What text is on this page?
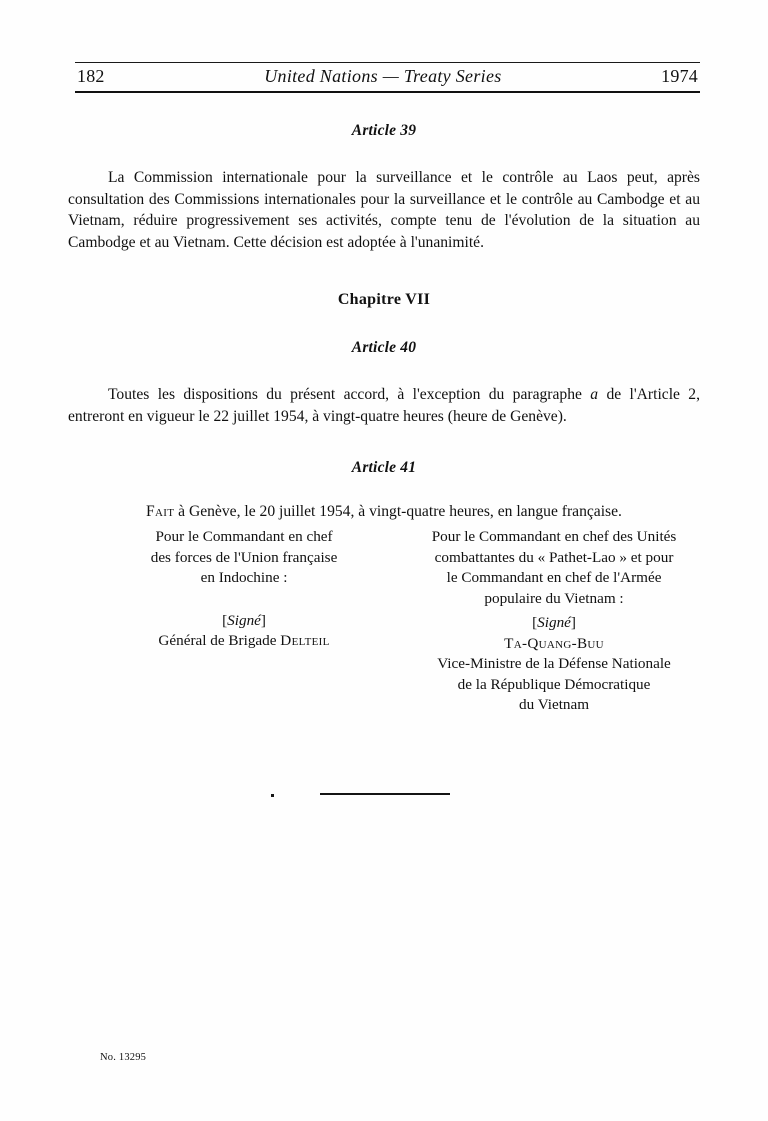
182	United Nations — Treaty Series	1974
Article 39

La Commission internationale pour la surveillance et le contrôle au Laos peut, après consultation des Commissions internationales pour la surveillance et le contrôle au Cambodge et au Vietnam, réduire progressivement ses activités, compte tenu de l'évolution de la situation au Cambodge et au Vietnam. Cette décision est adoptée à l'unanimité.

Chapitre VII
Article 40

Toutes les dispositions du présent accord, à l'exception du paragraphe a de l'Article 2, entreront en vigueur le 22 juillet 1954, à vingt-quatre heures (heure de Genève).

Article 41

Fait à Genève, le 20 juillet 1954, à vingt-quatre heures, en langue française.

Pour le Commandant en chef

des forces de l'Union française

en Indochine :

[Signé]

Général de Brigade Delteil

Pour le Commandant en chef des Unités

combattantes du « Pathet-Lao » et pour

le Commandant en chef de l'Armée

populaire du Vietnam :

[Signé]

Ta-Quang-Buu

Vice-Ministre de la Défense Nationale

de la République Démocratique

du Vietnam

No. 13295
